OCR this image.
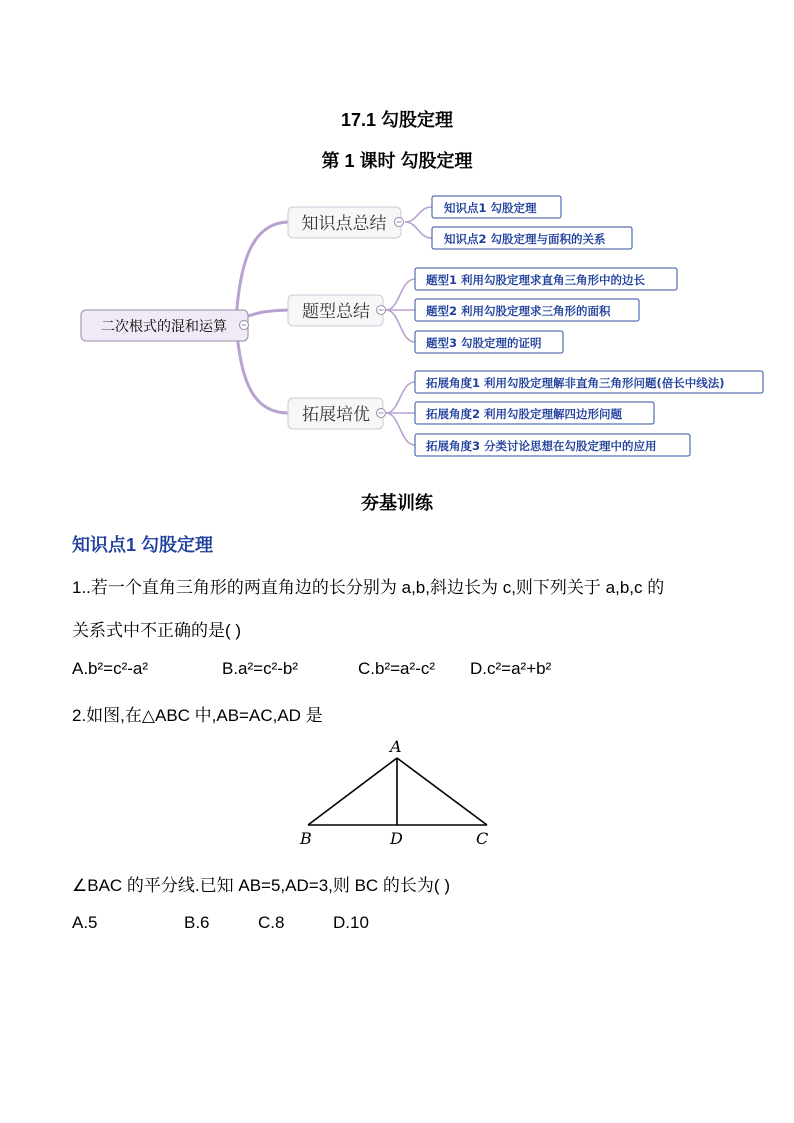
17.1 勾股定理
第 1 课时 勾股定理
二次根式的混和运算
知识点总结
题型总结
拓展培优
知识点1 勾股定理
知识点2 勾股定理与面积的关系
题型1 利用勾股定理求直角三角形中的边长
题型2 利用勾股定理求三角形的面积
题型3 勾股定理的证明
拓展角度1 利用勾股定理解非直角三角形问题(倍长中线法)
拓展角度2 利用勾股定理解四边形问题
拓展角度3 分类讨论思想在勾股定理中的应用
夯基训练
知识点1 勾股定理
1..若一个直角三角形的两直角边的长分别为 a,b,斜边长为 c,则下列关于 a,b,c 的
关系式中不正确的是( )
A.b²=c²-a²	B.a²=c²-b²	C.b²=a²-c² D.c²=a²+b²
2.如图,在△ABC 中,AB=AC,AD 是
A
B	D	C
∠BAC 的平分线.已知 AB=5,AD=3,则 BC 的长为( )
A.5	B.6	C.8	D.10
